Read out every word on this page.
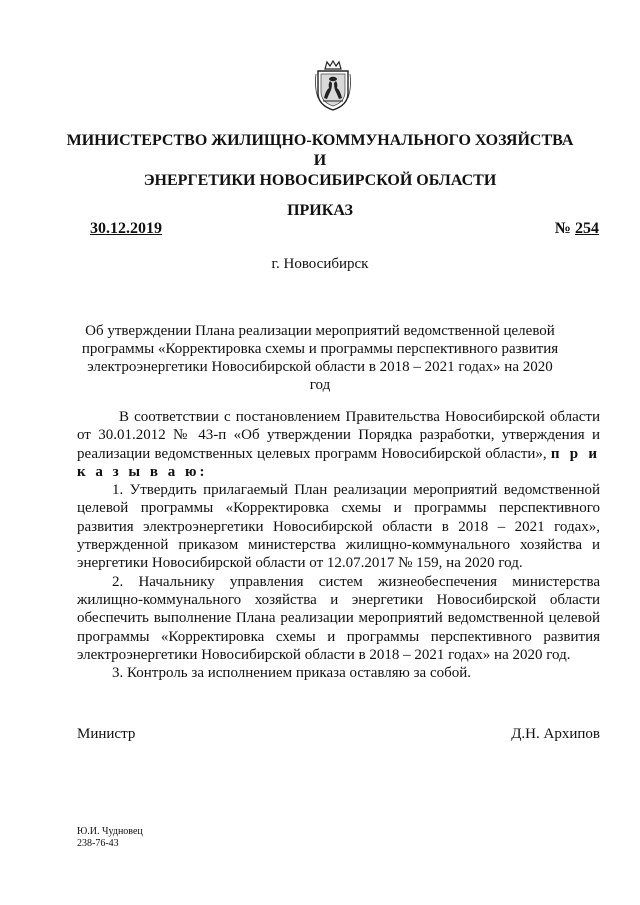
МИНИСТЕРСТВО ЖИЛИЩНО-КОММУНАЛЬНОГО ХОЗЯЙСТВА И
ЭНЕРГЕТИКИ НОВОСИБИРСКОЙ ОБЛАСТИ
ПРИКАЗ
30.12.2019	№ 254
г. Новосибирск
Об утверждении Плана реализации мероприятий ведомственной целевой
программы «Корректировка схемы и программы перспективного развития
электроэнергетики Новосибирской области в 2018 – 2021 годах» на 2020 год

В соответствии с постановлением Правительства Новосибирской области от 30.01.2012 № 43-п «Об утверждении Порядка разработки, утверждения и реализации ведомственных целевых программ Новосибирской области», п р и к а з ы в а ю:

1. Утвердить прилагаемый План реализации мероприятий ведомственной целевой программы «Корректировка схемы и программы перспективного развития электроэнергетики Новосибирской области в 2018 – 2021 годах», утвержденной приказом министерства жилищно-коммунального хозяйства и энергетики Новосибирской области от 12.07.2017 № 159, на 2020 год.

2. Начальнику управления систем жизнеобеспечения министерства жилищно-коммунального хозяйства и энергетики Новосибирской области обеспечить выполнение Плана реализации мероприятий ведомственной целевой программы «Корректировка схемы и программы перспективного развития электроэнергетики Новосибирской области в 2018 – 2021 годах» на 2020 год.

3. Контроль за исполнением приказа оставляю за собой.

Министр	Д.Н. Архипов
Ю.И. Чудновец
238-76-43
